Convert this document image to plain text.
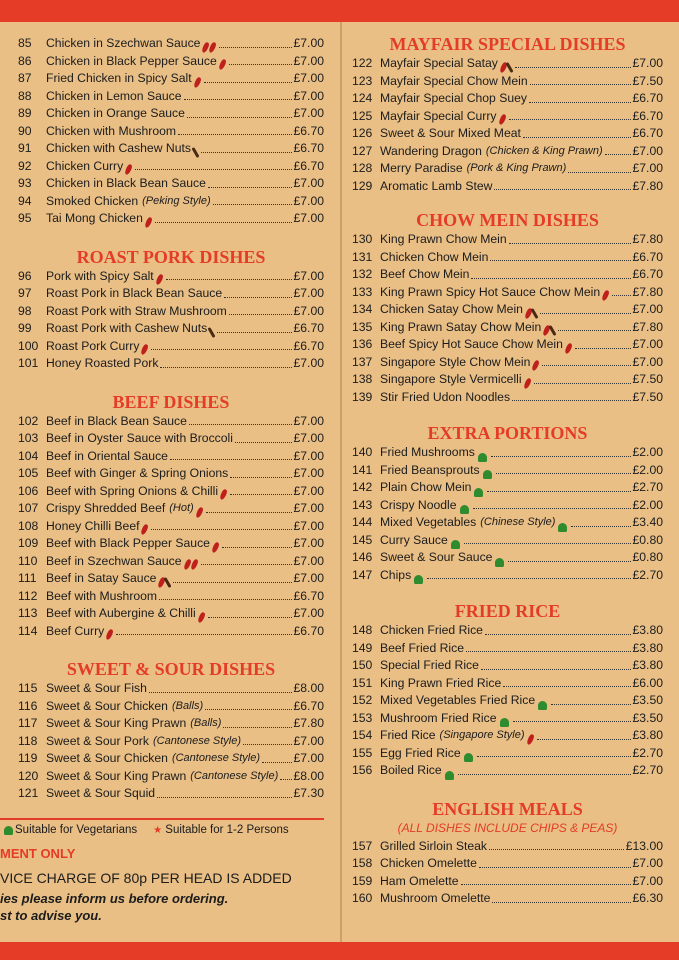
85	Chicken in Szechwan Sauce	£7.00
86	Chicken in Black Pepper Sauce	£7.00
87	Fried Chicken in Spicy Salt	£7.00
88	Chicken in Lemon Sauce	£7.00
89	Chicken in Orange Sauce	£7.00
90	Chicken with Mushroom	£6.70
91	Chicken with Cashew Nuts	£6.70
92	Chicken Curry	£6.70
93	Chicken in Black Bean Sauce	£7.00
94	Smoked Chicken (Peking Style)	£7.00
95	Tai Mong Chicken	£7.00
ROAST PORK DISHES
96	Pork with Spicy Salt	£7.00
97	Roast Pork in Black Bean Sauce	£7.00
98	Roast Pork with Straw Mushroom	£7.00
99	Roast Pork with Cashew Nuts	£6.70
100 Roast Pork Curry	£6.70
101 Honey Roasted Pork	£7.00
BEEF DISHES
102 Beef in Black Bean Sauce	£7.00
103 Beef in Oyster Sauce with Broccoli	£7.00
104 Beef in Oriental Sauce	£7.00
105 Beef with Ginger & Spring Onions	£7.00
106 Beef with Spring Onions & Chilli	£7.00
107 Crispy Shredded Beef (Hot)	£7.00
108 Honey Chilli Beef	£7.00
109 Beef with Black Pepper Sauce	£7.00
110 Beef in Szechwan Sauce	£7.00
111 Beef in Satay Sauce	£7.00
112 Beef with Mushroom	£6.70
113 Beef with Aubergine & Chilli	£7.00
114 Beef Curry	£6.70
SWEET & SOUR DISHES
115 Sweet & Sour Fish	£8.00
116 Sweet & Sour Chicken (Balls)	£6.70
117 Sweet & Sour King Prawn (Balls)	£7.80
118 Sweet & Sour Pork (Cantonese Style)	£7.00
119 Sweet & Sour Chicken (Cantonese Style)	£7.00
120 Sweet & Sour King Prawn (Cantonese Style) £8.00
121 Sweet & Sour Squid	£7.30
MAYFAIR SPECIAL DISHES
122 Mayfair Special Satay	£7.00
123 Mayfair Special Chow Mein	£7.50
124 Mayfair Special Chop Suey	£6.70
125 Mayfair Special Curry	£6.70
126 Sweet & Sour Mixed Meat	£6.70
127 Wandering Dragon (Chicken & King Prawn) £7.00
128 Merry Paradise (Pork & King Prawn)	£7.00
129 Aromatic Lamb Stew	£7.80
CHOW MEIN DISHES
130 King Prawn Chow Mein	£7.80
131 Chicken Chow Mein	£6.70
132 Beef Chow Mein	£6.70
133 King Prawn Spicy Hot Sauce Chow Mein	£7.80
134 Chicken Satay Chow Mein	£7.00
135 King Prawn Satay Chow Mein	£7.80
136 Beef Spicy Hot Sauce Chow Mein	£7.00
137 Singapore Style Chow Mein	£7.00
138 Singapore Style Vermicelli	£7.50
139 Stir Fried Udon Noodles	£7.50
EXTRA PORTIONS
140 Fried Mushrooms	£2.00
141 Fried Beansprouts	£2.00
142 Plain Chow Mein	£2.70
143 Crispy Noodle	£2.00
144 Mixed Vegetables (Chinese Style)	£3.40
145 Curry Sauce	£0.80
146 Sweet & Sour Sauce	£0.80
147 Chips	£2.70
FRIED RICE
148 Chicken Fried Rice	£3.80
149 Beef Fried Rice	£3.80
150 Special Fried Rice	£3.80
151 King Prawn Fried Rice	£6.00
152 Mixed Vegetables Fried Rice	£3.50
153 Mushroom Fried Rice	£3.50
154 Fried Rice (Singapore Style)	£3.80
155 Egg Fried Rice	£2.70
156 Boiled Rice	£2.70
ENGLISH MEALS
(ALL DISHES INCLUDE CHIPS & PEAS)
157 Grilled Sirloin Steak	£13.00
158 Chicken Omelette	£7.00
159 Ham Omelette	£7.00
160 Mushroom Omelette	£6.30
Suitable for Vegetarians ★
Suitable for 1-2 Persons
MENT ONLY
VICE CHARGE OF 80p PER HEAD IS ADDED
ies please inform us before ordering.
st to advise you.
